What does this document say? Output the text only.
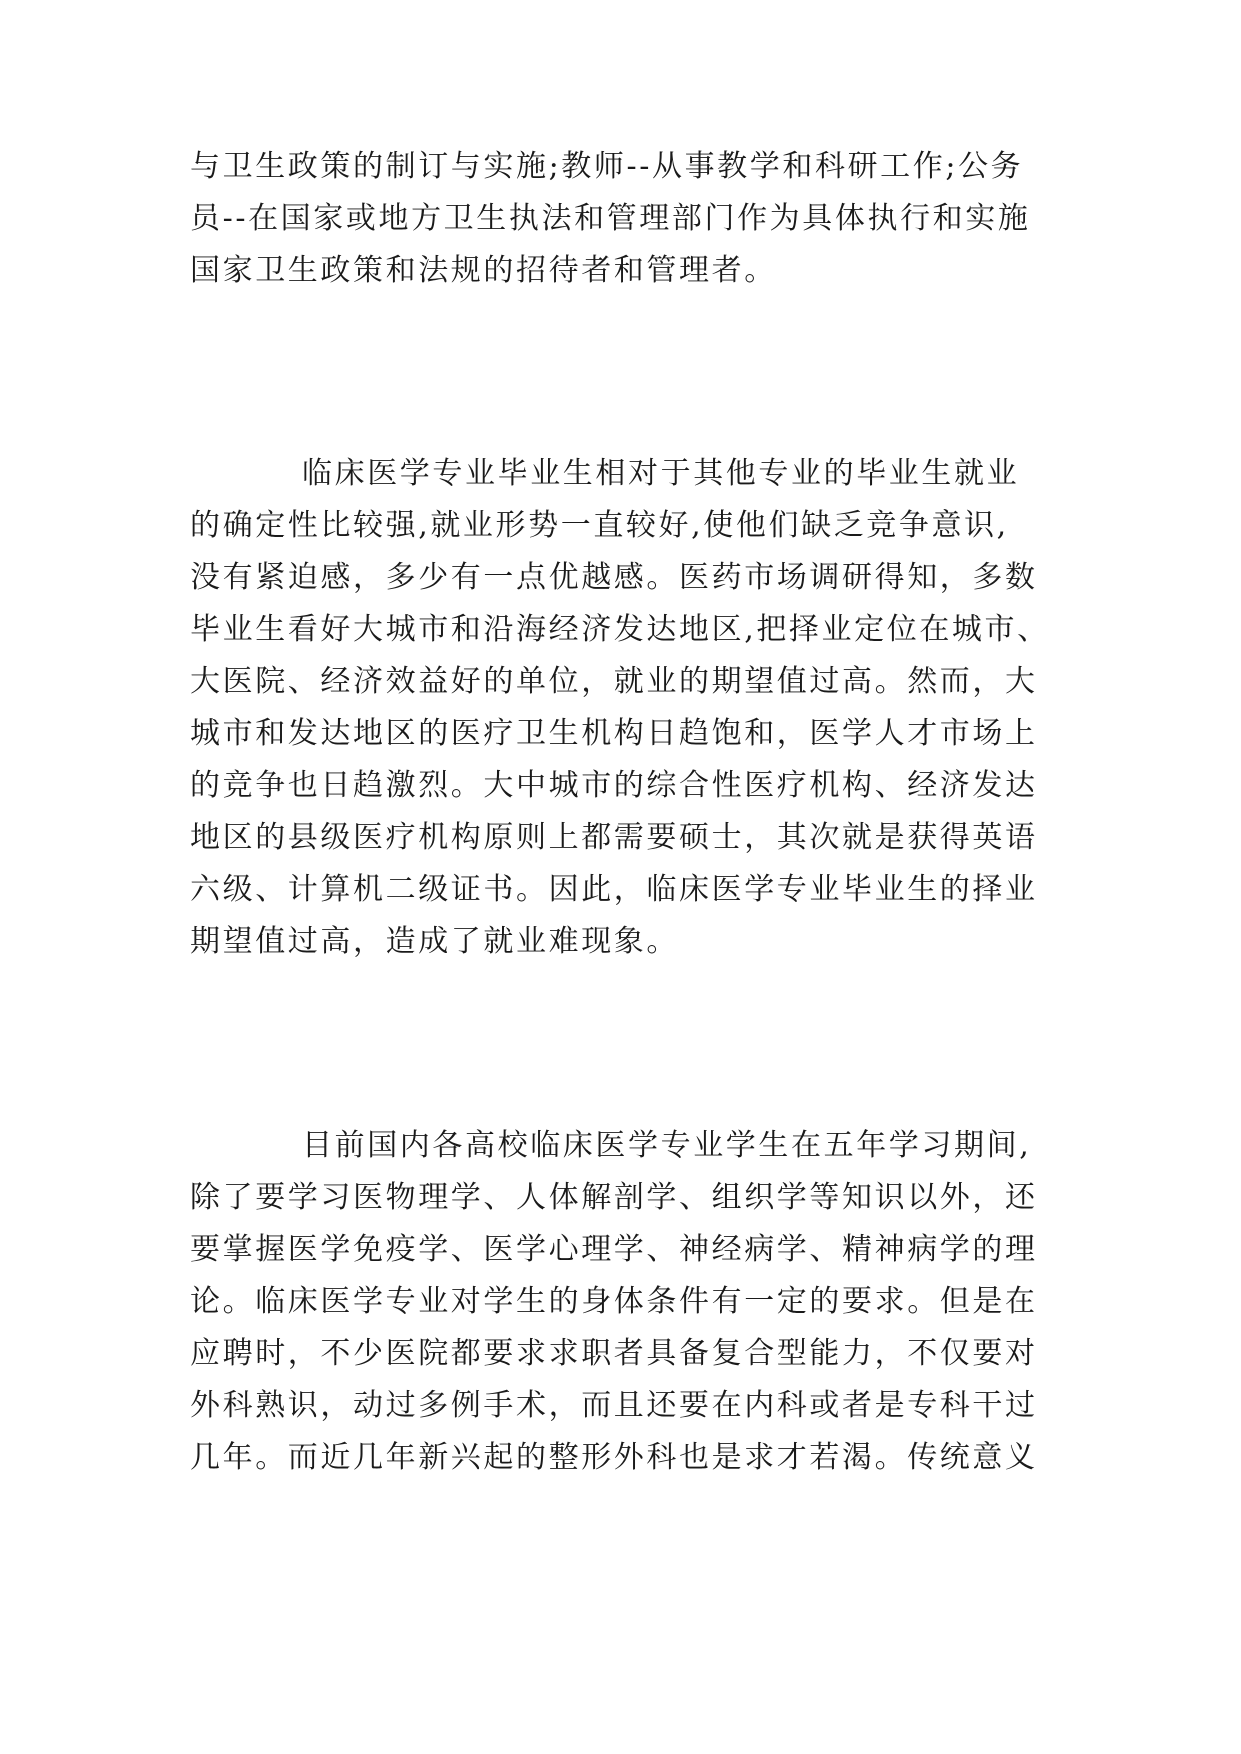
与卫生政策的制订与实施;教师--从事教学和科研工作;公务
员--在国家或地方卫生执法和管理部门作为具体执行和实施
国家卫生政策和法规的招待者和管理者。
临床医学专业毕业生相对于其他专业的毕业生就业
的确定性比较强,就业形势一直较好,使他们缺乏竞争意识,
没有紧迫感，多少有一点优越感。医药市场调研得知，多数
毕业生看好大城市和沿海经济发达地区,把择业定位在城市、
大医院、经济效益好的单位，就业的期望值过高。然而，大
城市和发达地区的医疗卫生机构日趋饱和，医学人才市场上
的竞争也日趋激烈。大中城市的综合性医疗机构、经济发达
地区的县级医疗机构原则上都需要硕士，其次就是获得英语
六级、计算机二级证书。因此，临床医学专业毕业生的择业
期望值过高，造成了就业难现象。
目前国内各高校临床医学专业学生在五年学习期间,
除了要学习医物理学、人体解剖学、组织学等知识以外，还
要掌握医学免疫学、医学心理学、神经病学、精神病学的理
论。临床医学专业对学生的身体条件有一定的要求。但是在
应聘时，不少医院都要求求职者具备复合型能力，不仅要对
外科熟识，动过多例手术，而且还要在内科或者是专科干过
几年。而近几年新兴起的整形外科也是求才若渴。传统意义
